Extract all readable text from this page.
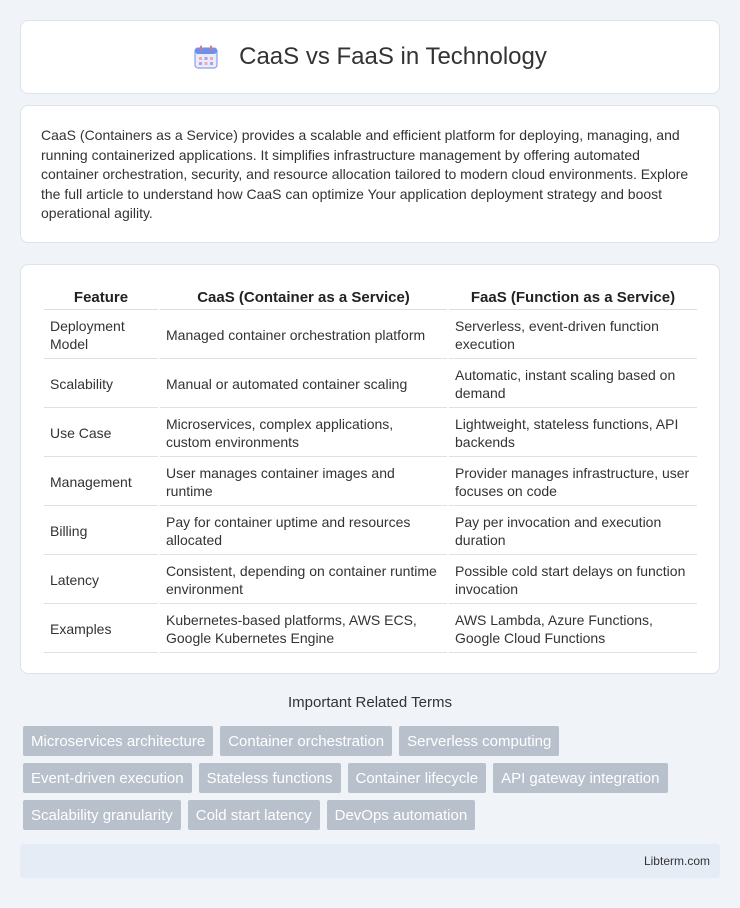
CaaS vs FaaS in Technology

CaaS (Containers as a Service) provides a scalable and efficient platform for deploying, managing, and running containerized applications. It simplifies infrastructure management by offering automated container orchestration, security, and resource allocation tailored to modern cloud environments. Explore the full article to understand how CaaS can optimize Your application deployment strategy and boost operational agility.

Feature	CaaS (Container as a Service)	FaaS (Function as a Service)
Deployment Model	Managed container orchestration platform	Serverless, event-driven function execution
Scalability	Manual or automated container scaling	Automatic, instant scaling based on demand
Use Case	Microservices, complex applications, custom environments	Lightweight, stateless functions, API backends
Management	User manages container images and runtime	Provider manages infrastructure, user focuses on code
Billing	Pay for container uptime and resources allocated	Pay per invocation and execution duration
Latency	Consistent, depending on container runtime environment	Possible cold start delays on function invocation
Examples	Kubernetes-based platforms, AWS ECS, Google Kubernetes Engine	AWS Lambda, Azure Functions, Google Cloud Functions
Important Related Terms
Microservices architecture	Container orchestration	Serverless computing
Event-driven execution	Stateless functions	Container lifecycle	API gateway integration
Scalability granularity	Cold start latency	DevOps automation
Libterm.com
